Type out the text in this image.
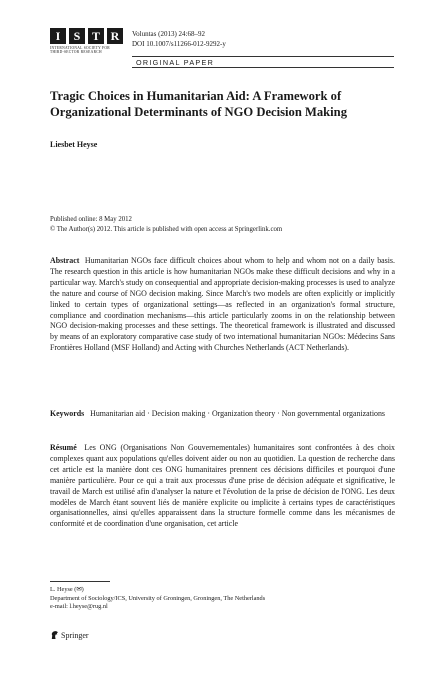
I	S T R
INTERNATIONAL SOCIETY FOR
THIRD-SECTOR RESEARCH
Voluntas (2013) 24:68–92
DOI 10.1007/s11266-012-9292-y
ORIGINAL PAPER
Tragic Choices in Humanitarian Aid: A Framework of Organizational Determinants of NGO Decision Making
Liesbet Heyse
Published online: 8 May 2012
© The Author(s) 2012. This article is published with open access at Springerlink.com

Abstract Humanitarian NGOs face difficult choices about whom to help and whom not on a daily basis. The research question in this article is how humanitarian NGOs make these difficult decisions and why in a particular way. March's study on consequential and appropriate decision-making processes is used to analyze the nature and course of NGO decision making. Since March's two models are often explicitly or implicitly linked to certain types of organizational settings—as reflected in an organization's formal structure, compliance and coordination mechanisms—this article particularly zooms in on the relationship between NGO decision-making processes and these settings. The theoretical framework is illustrated and discussed by means of an exploratory comparative case study of two international humanitarian NGOs: Médecins Sans Frontières Holland (MSF Holland) and Acting with Churches Netherlands (ACT Netherlands).

Keywords Humanitarian aid · Decision making · Organization theory · Non governmental organizations

Résumé Les ONG (Organisations Non Gouvernementales) humanitaires sont confrontées à des choix complexes quant aux populations qu'elles doivent aider ou non au quotidien. La question de recherche dans cet article est la manière dont ces ONG humanitaires prennent ces décisions difficiles et pourquoi d'une manière particulière. Pour ce qui a trait aux processus d'une prise de décision adéquate et significative, le travail de March est utilisé afin d'analyser la nature et l'évolution de la prise de décision de l'ONG. Les deux modèles de March étant souvent liés de manière explicite ou implicite à certains types de caractéristiques organisationnelles, ainsi qu'elles apparaissent dans la structure formelle comme dans les mécanismes de conformité et de coordination d'une organisation, cet article

L. Heyse (✉)
Department of Sociology/ICS, University of Groningen, Groningen, The Netherlands
e-mail: l.heyse@rug.nl
Springer
